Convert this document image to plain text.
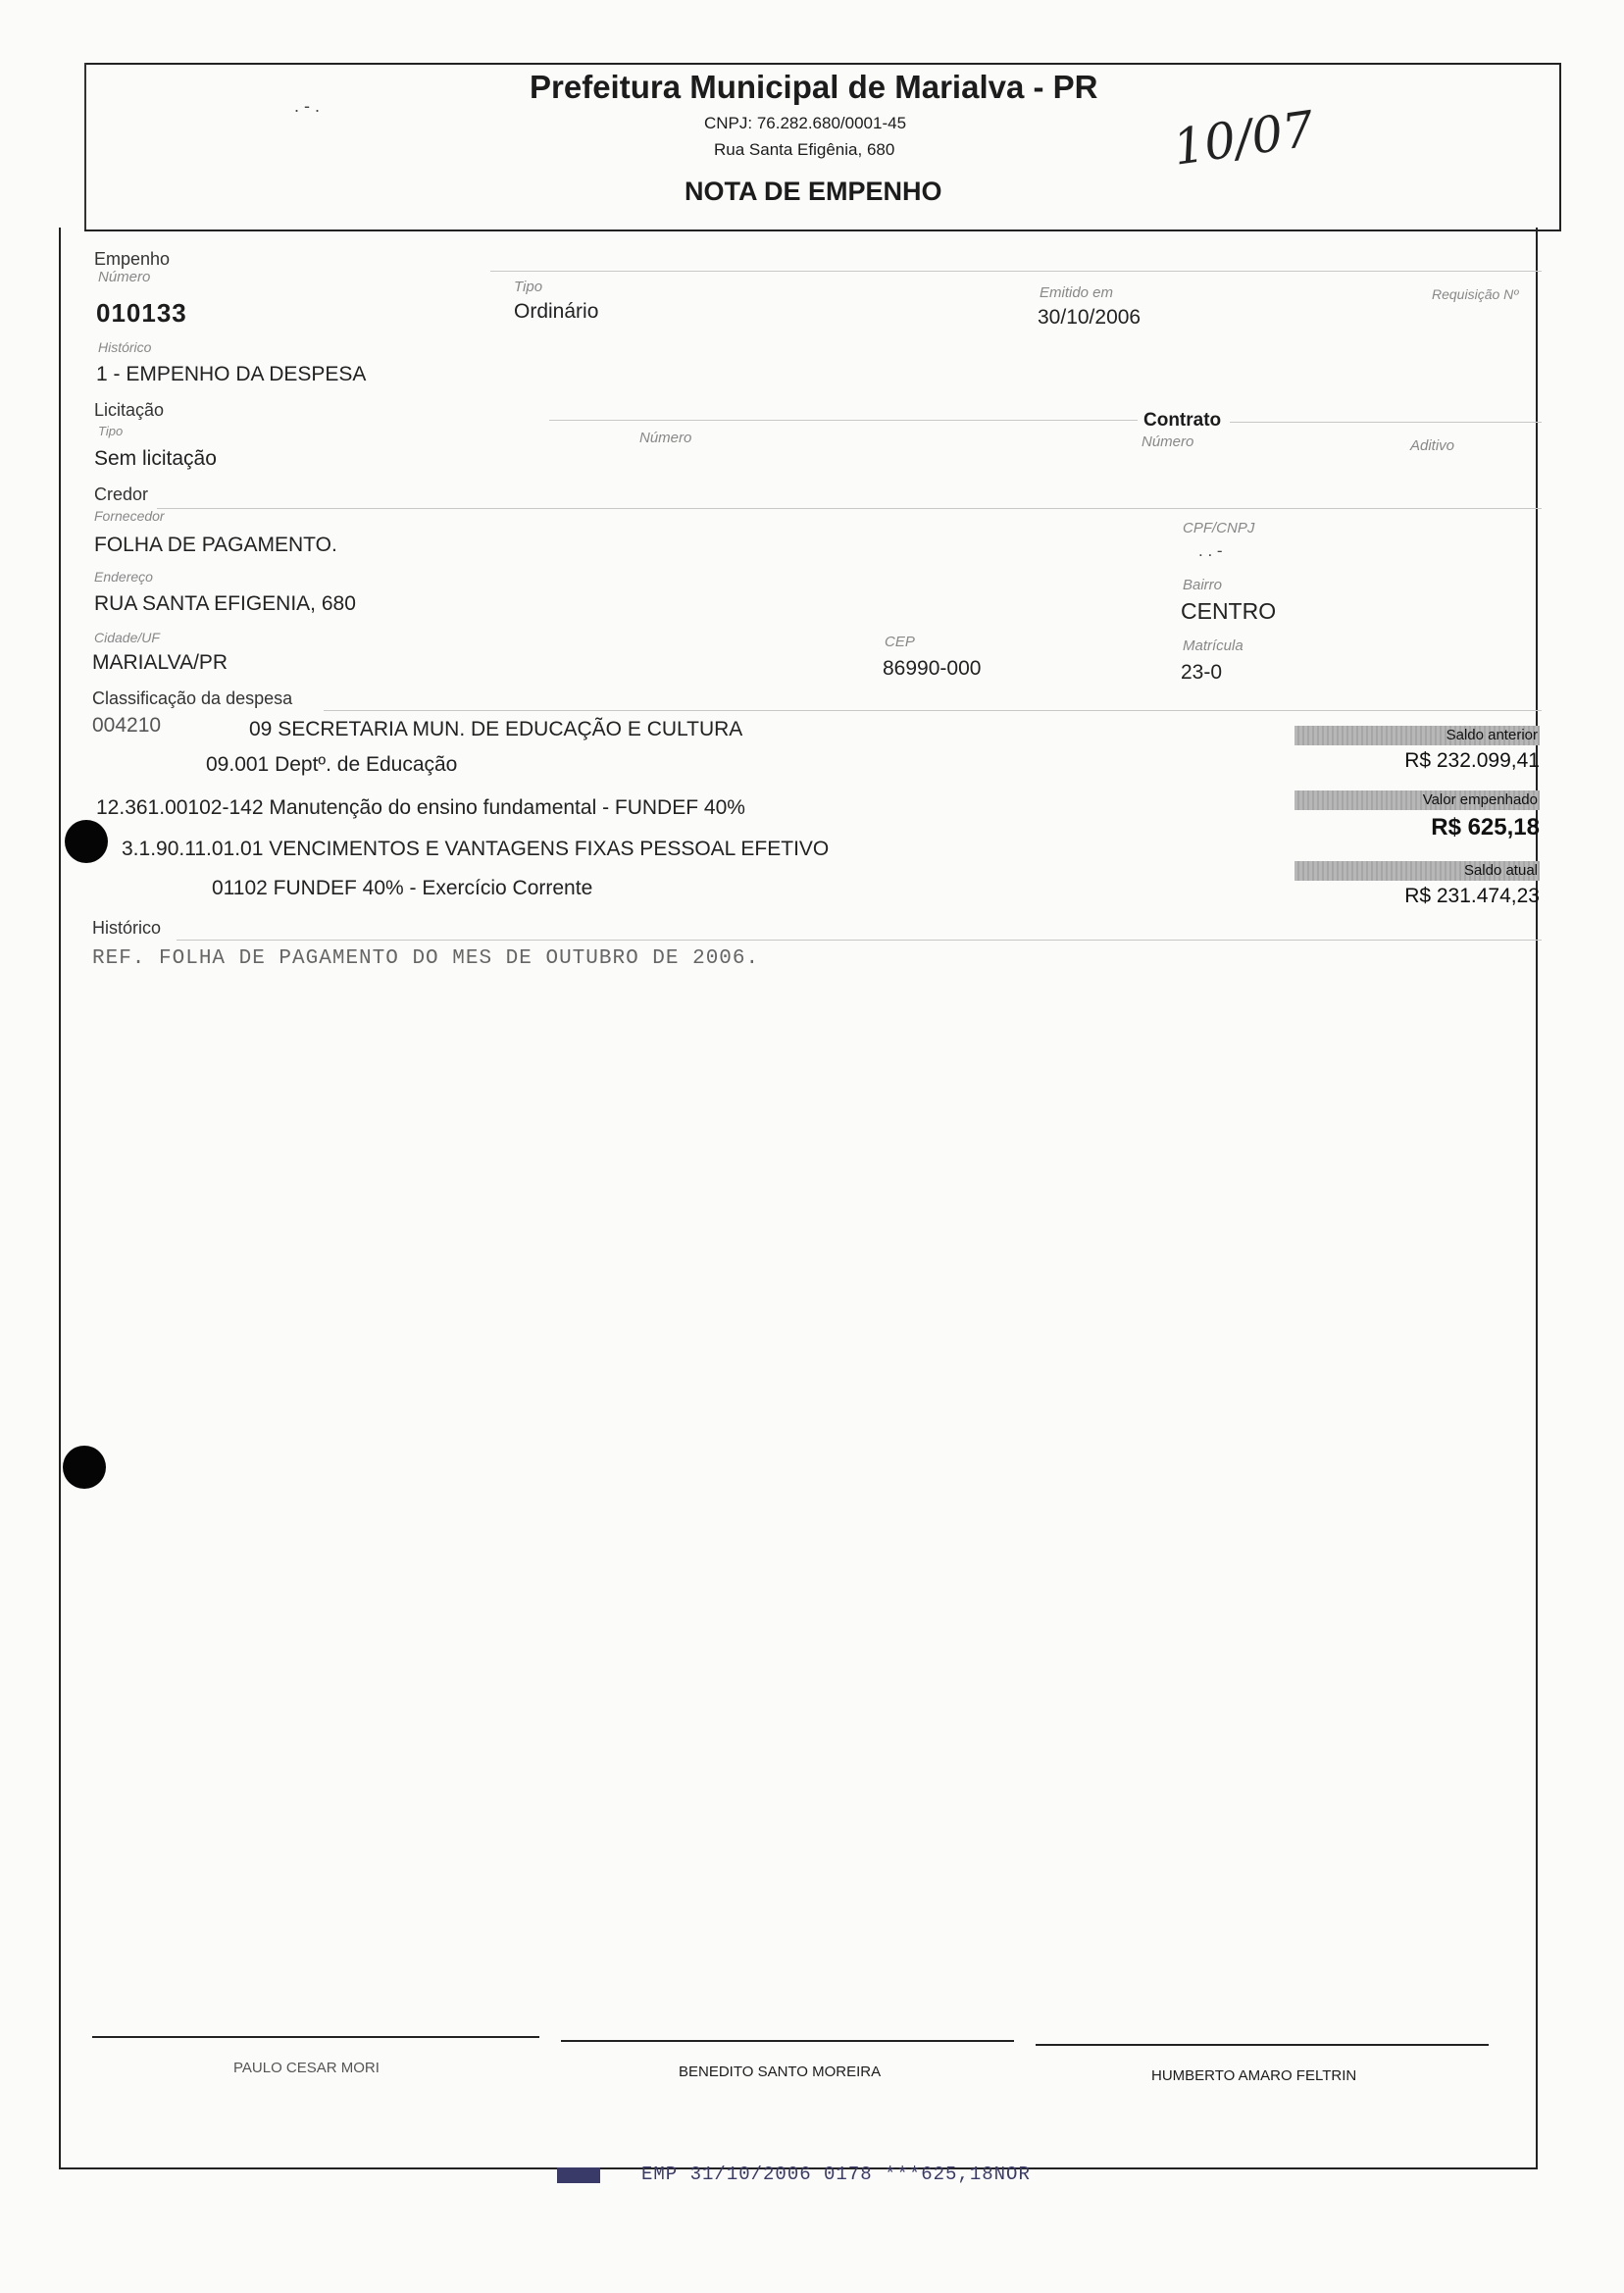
. - .
Prefeitura Municipal de Marialva - PR
CNPJ: 76.282.680/0001-45
Rua Santa Efigênia, 680
NOTA DE EMPENHO
10/07
Empenho
Número
010133
Tipo
Ordinário
Emitido em
30/10/2006
Requisição Nº
Histórico
1 - EMPENHO DA DESPESA
Licitação
Tipo
Sem licitação
Número
Contrato
Número	Aditivo
Credor
Fornecedor
FOLHA DE PAGAMENTO.
CPF/CNPJ
. . -
Endereço
RUA SANTA EFIGENIA, 680
Bairro
CENTRO
Cidade/UF
MARIALVA/PR
CEP
86990-000
Matrícula
23-0
Classificação da despesa
004210	09 SECRETARIA MUN. DE EDUCAÇÃO E CULTURA
09.001 Deptº. de Educação
12.361.00102-142 Manutenção do ensino fundamental - FUNDEF 40%
3.1.90.11.01.01 VENCIMENTOS E VANTAGENS FIXAS PESSOAL EFETIVO
01102 FUNDEF 40% - Exercício Corrente
Saldo anterior
R$ 232.099,41
Valor empenhado
R$ 625,18
Saldo atual
R$ 231.474,23
Histórico
REF. FOLHA DE PAGAMENTO DO MES DE OUTUBRO DE 2006.
PAULO CESAR MORI	BENEDITO SANTO MOREIRA	HUMBERTO AMARO FELTRIN
EMP 31/10/2006 0178 ***625,18NOR
